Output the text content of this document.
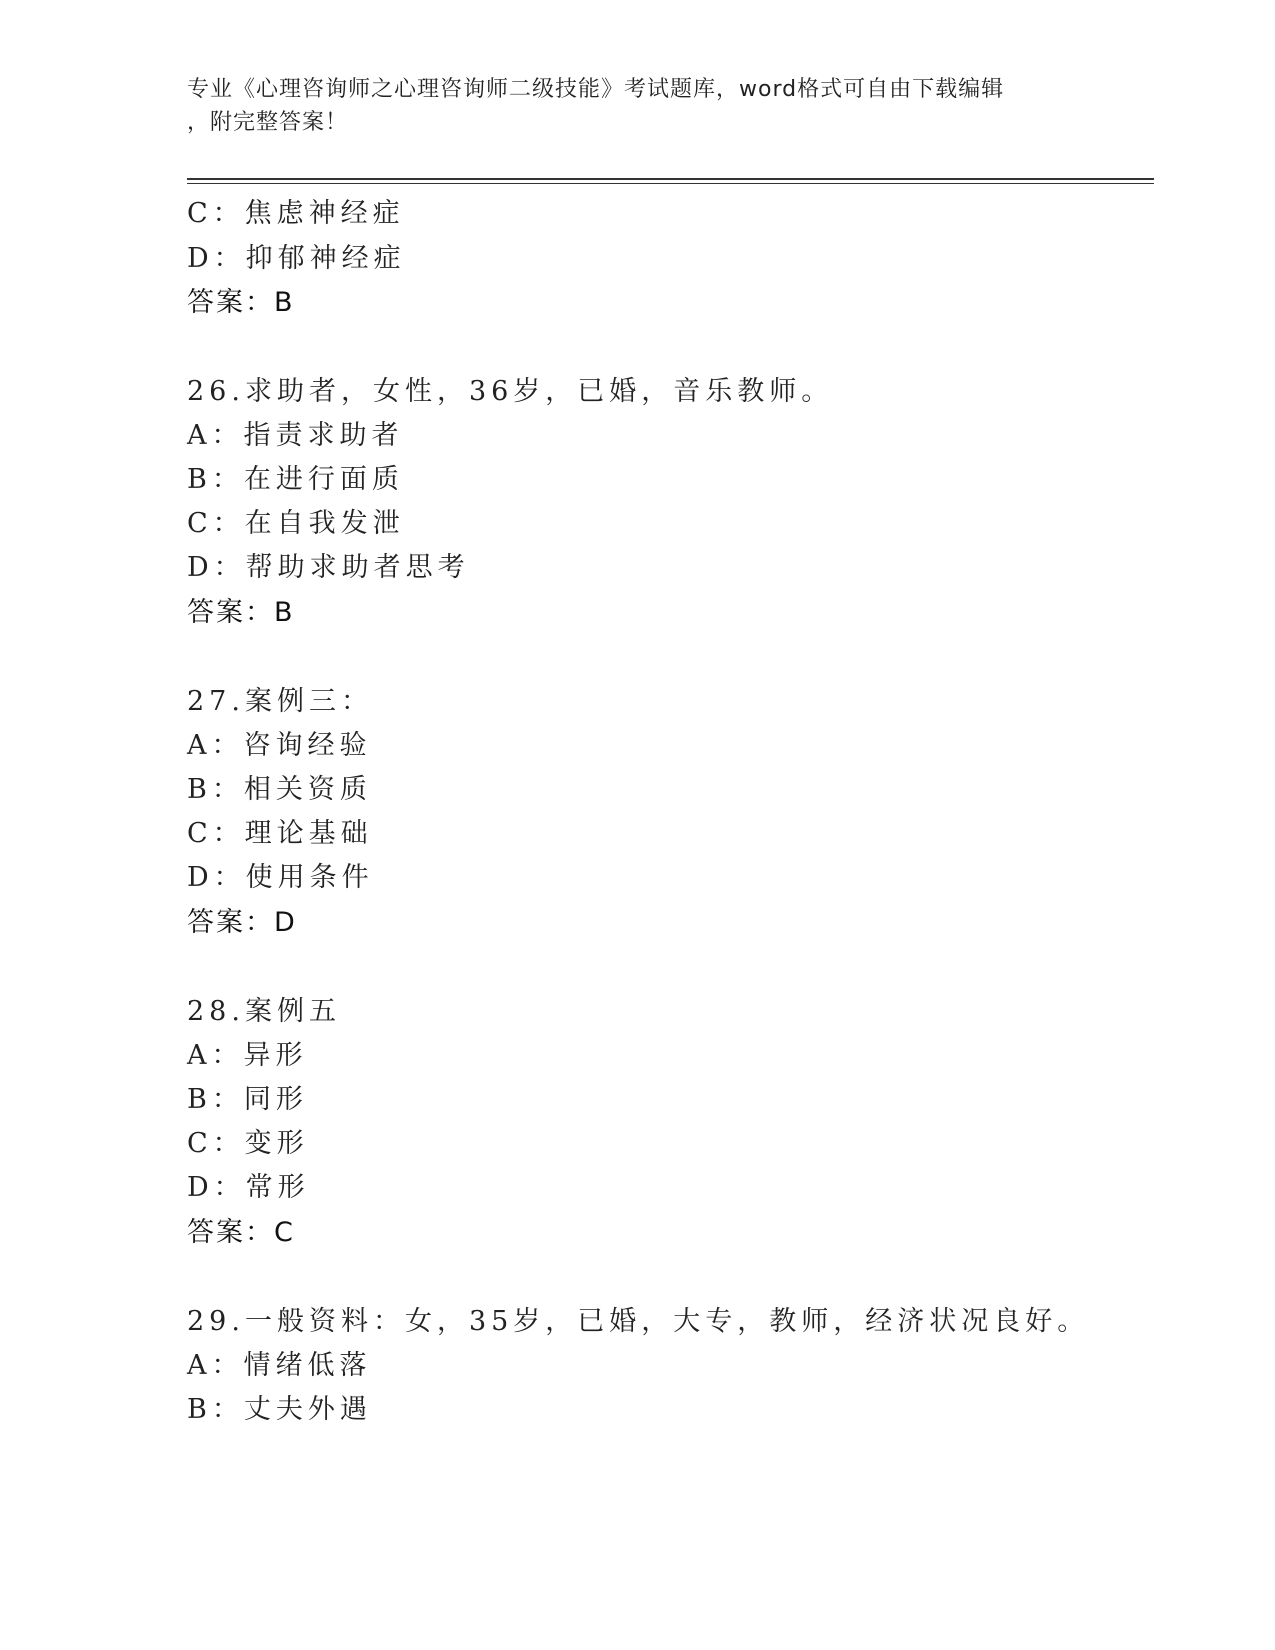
专业《心理咨询师之心理咨询师二级技能》考试题库，word格式可自由下载编辑
，附完整答案！
C：焦虑神经症
D：抑郁神经症
答案：B
26.求助者，女性，36岁，已婚，音乐教师。
A：指责求助者
B：在进行面质
C：在自我发泄
D：帮助求助者思考
答案：B
27.案例三：
A：咨询经验
B：相关资质
C：理论基础
D：使用条件
答案：D
28.案例五
A：异形
B：同形
C：变形
D：常形
答案：C
29.一般资料：女，35岁，已婚，大专，教师，经济状况良好。
A：情绪低落
B：丈夫外遇
